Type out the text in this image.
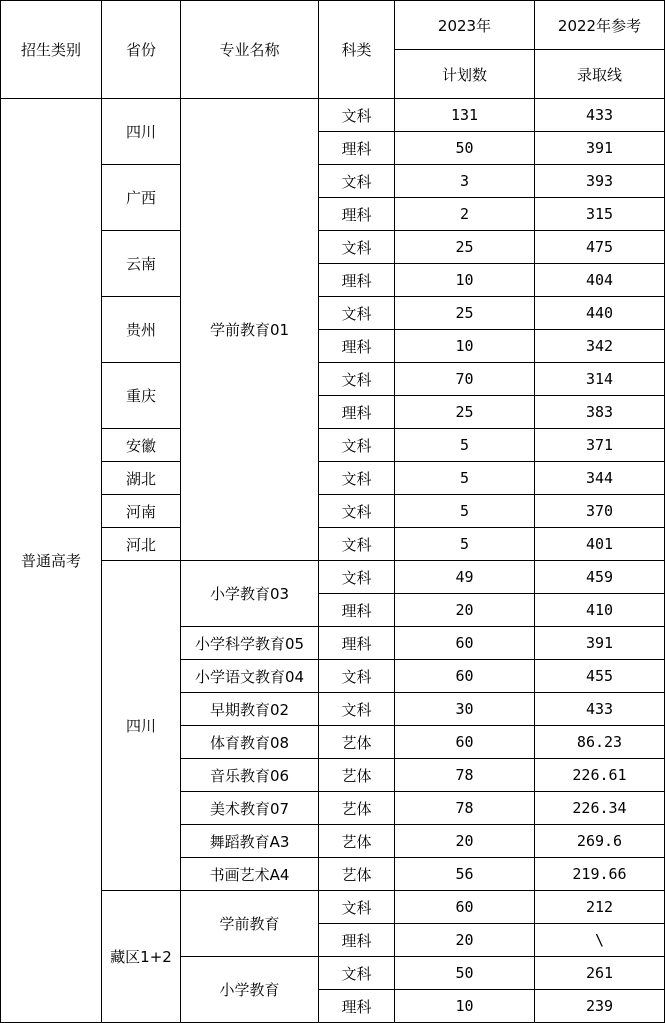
招生类别	省份	专业名称	科类	2023年	2022年参考
				计划数	录取线
普通高考	四川	学前教育01	文科	131	433
			理科	50	391
	广西		文科	3	393
			理科	2	315
	云南		文科	25	475
			理科	10	404
	贵州		文科	25	440
			理科	10	342
	重庆		文科	70	314
			理科	25	383
	安徽		文科	5	371
	湖北		文科	5	344
	河南		文科	5	370
	河北		文科	5	401
	四川	小学教育03	文科	49	459
			理科	20	410
		小学科学教育05	理科	60	391
		小学语文教育04	文科	60	455
		早期教育02	文科	30	433
		体育教育08	艺体	60	86.23
		音乐教育06	艺体	78	226.61
		美术教育07	艺体	78	226.34
		舞蹈教育A3	艺体	20	269.6
		书画艺术A4	艺体	56	219.66
	藏区1+2	学前教育	文科	60	212
			理科	20	\
		小学教育	文科	50	261
			理科	10	239
